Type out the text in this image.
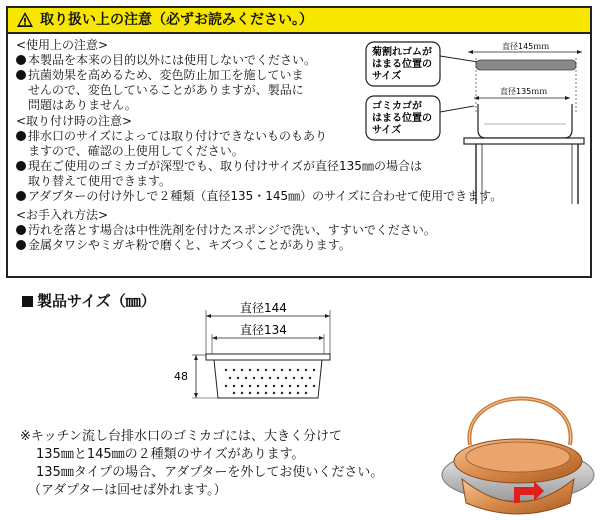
取り扱い上の注意（必ずお読みください。）
<使用上の注意>
本製品を本来の目的以外には使用しないでください。
抗菌効果を高めるため、変色防止加工を施していま
せんので、変色していることがありますが、製品に
問題はありません。
<取り付け時の注意>
排水口のサイズによっては取り付けできないものもあり
ますので、確認の上使用してください。
現在ご使用のゴミカゴが深型でも、取り付けサイズが直径135㎜の場合は
取り替えて使用できます。
アダプターの付け外しで２種類（直径135・145㎜）のサイズに合わせて使用できます。
<お手入れ方法>
汚れを落とす場合は中性洗剤を付けたスポンジで洗い、すすいでください。
金属タワシやミガキ粉で磨くと、キズつくことがあります。
菊割れゴムが
はまる位置の
サイズ
ゴミカゴが
はまる位置の
サイズ
直径145ｍｍ
直径135ｍｍ
製品サイズ（㎜）	直径144
直径134
48
※キッチン流し台排水口のゴミカゴには、大きく分けて
135㎜と145㎜の２種類のサイズがあります。
135㎜タイプの場合、アダプターを外してお使いください。
（アダプターは回せば外れます。）
